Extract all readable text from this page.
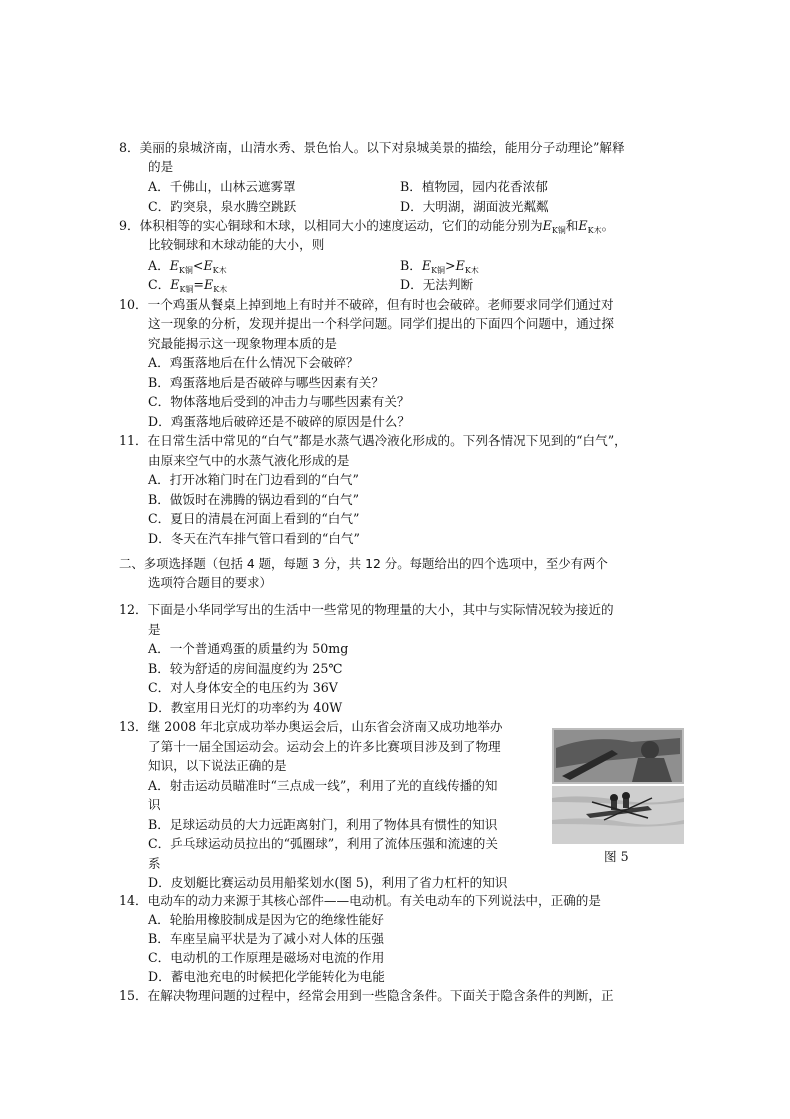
8．美丽的泉城济南，山清水秀、景色怡人。以下对泉城美景的描绘，能用分子动理论”解释
的是
A．千佛山，山林云遮雾罩	B．植物园，园内花香浓郁
C．趵突泉，泉水腾空跳跃	D．大明湖，湖面波光粼粼
9．体积相等的实心铜球和木球，以相同大小的速度运动，它们的动能分别为$E_{K铜}$和$E_{K木}$。
比较铜球和木球动能的大小，则
A．$E_{K铜}<E_{K木}$	B．$E_{K铜}>E_{K木}$
C．$E_{K铜}=E_{K木}$	D．无法判断
10．一个鸡蛋从餐桌上掉到地上有时并不破碎，但有时也会破碎。老师要求同学们通过对
这一现象的分析，发现并提出一个科学问题。同学们提出的下面四个问题中，通过探
究最能揭示这一现象物理本质的是
A．鸡蛋落地后在什么情况下会破碎？
B．鸡蛋落地后是否破碎与哪些因素有关？
C．物体落地后受到的冲击力与哪些因素有关？
D．鸡蛋落地后破碎还是不破碎的原因是什么？
11．在日常生活中常见的“白气”都是水蒸气遇冷液化形成的。下列各情况下见到的“白气”，
由原来空气中的水蒸气液化形成的是
A．打开冰箱门时在门边看到的“白气”
B．做饭时在沸腾的锅边看到的“白气”
C．夏日的清晨在河面上看到的“白气”
D．冬天在汽车排气管口看到的“白气”
二、多项选择题（包括 4 题，每题 3 分，共 12 分。每题给出的四个选项中，至少有两个
选项符合题目的要求）
12．下面是小华同学写出的生活中一些常见的物理量的大小，其中与实际情况较为接近的
是
A．一个普通鸡蛋的质量约为 50mg
B．较为舒适的房间温度约为 25℃
C．对人身体安全的电压约为 36V
D．教室用日光灯的功率约为 40W
13．继 2008 年北京成功举办奥运会后，山东省会济南又成功地举办
了第十一届全国运动会。运动会上的许多比赛项目涉及到了物理
知识，以下说法正确的是
A．射击运动员瞄准时“三点成一线”，利用了光的直线传播的知
识
B．足球运动员的大力远距离射门，利用了物体具有惯性的知识
C．乒乓球运动员拉出的“弧圈球”，利用了流体压强和流速的关
系
D．皮划艇比赛运动员用船桨划水(图 5)，利用了省力杠杆的知识
图 5
14．电动车的动力来源于其核心部件——电动机。有关电动车的下列说法中，正确的是
A．轮胎用橡胶制成是因为它的绝缘性能好
B．车座呈扁平状是为了减小对人体的压强
C．电动机的工作原理是磁场对电流的作用
D．蓄电池充电的时候把化学能转化为电能
15．在解决物理问题的过程中，经常会用到一些隐含条件。下面关于隐含条件的判断，正
